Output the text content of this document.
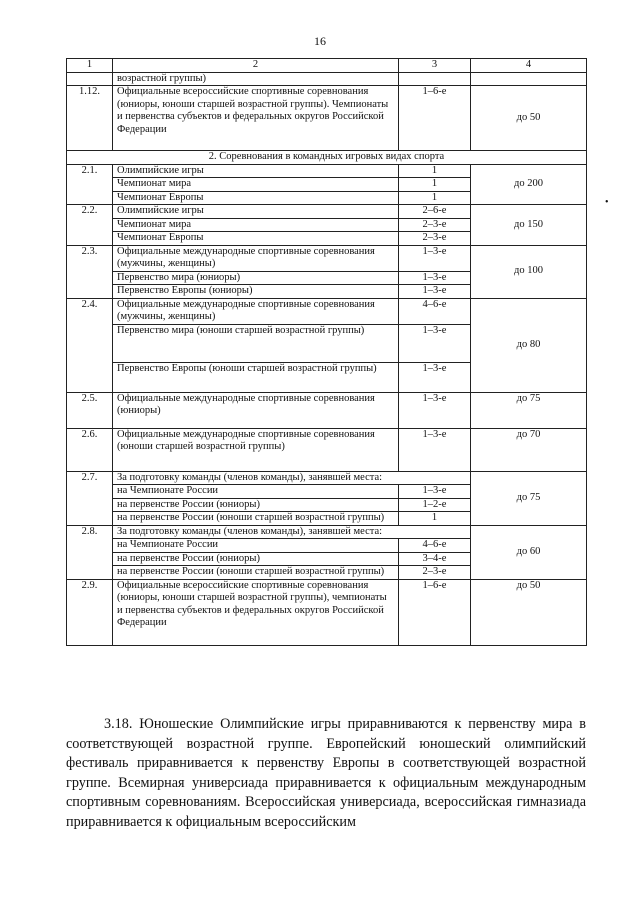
16
•
1	2	3	4
	возрастной группы)		
1.12.	Официальные всероссийские спортивные соревнования (юниоры, юноши старшей возрастной группы). Чемпионаты и первенства субъектов и федеральных округов Российской Федерации	1–6-е	до 50
2. Соревнования в командных игровых видах спорта			
2.1.	Олимпийские игры	1	до 200
	Чемпионат мира	1	
	Чемпионат Европы	1	
2.2.	Олимпийские игры	2–6-е	до 150
	Чемпионат мира	2–3-е	
	Чемпионат Европы	2–3-е	
2.3.	Официальные международные спортивные соревнования (мужчины, женщины)	1–3-е	до 100
	Первенство мира (юниоры)	1–3-е	
	Первенство Европы (юниоры)	1–3-е	
2.4.	Официальные международные спортивные соревнования (мужчины, женщины)	4–6-е	до 80
	Первенство мира (юноши старшей возрастной группы)	1–3-е	
	Первенство Европы (юноши старшей возрастной группы)	1–3-е	
2.5.	Официальные международные спортивные соревнования (юниоры)	1–3-е	до 75
2.6.	Официальные международные спортивные соревнования (юноши старшей возрастной группы)	1–3-е	до 70
2.7.	За подготовку команды (членов команды), занявшей места:		до 75
	на Чемпионате России	1–3-е	
	на первенстве России (юниоры)	1–2-е	
	на первенстве России (юноши старшей возрастной группы)	1	
2.8.	За подготовку команды (членов команды), занявшей места:		до 60
	на Чемпионате России	4–6-е	
	на первенстве России (юниоры)	3–4-е	
	на первенстве России (юноши старшей возрастной группы)	2–3-е	
2.9.	Официальные всероссийские спортивные соревнования (юниоры, юноши старшей возрастной группы), чемпионаты и первенства субъектов и федеральных округов Российской Федерации	1–6-е	до 50

3.18. Юношеские Олимпийские игры приравниваются к первенству мира в соответствующей возрастной группе. Европейский юношеский олимпийский фестиваль приравнивается к первенству Европы в соответствующей возрастной группе. Всемирная универсиада приравнивается к официальным международным спортивным соревнованиям. Всероссийская универсиада, всероссийская гимназиада приравнивается к официальным всероссийским
